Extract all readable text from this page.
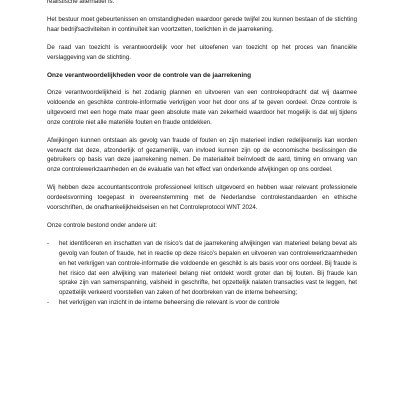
realistische alternatief is.

Het bestuur moet gebeurtenissen en omstandigheden waardoor gerede twijfel zou kunnen bestaan of de stichting haar bedrijfsactiviteiten in continuïteit kan voortzetten, toelichten in de jaarrekening.

De raad van toezicht is verantwoordelijk voor het uitoefenen van toezicht op het proces van financiële verslaggeving van de stichting.

Onze verantwoordelijkheden voor de controle van de jaarrekening

Onze verantwoordelijkheid is het zodanig plannen en uitvoeren van een controleopdracht dat wij daarmee voldoende en geschikte controle-informatie verkrijgen voor het door ons af te geven oordeel. Onze controle is uitgevoerd met een hoge mate maar geen absolute mate van zekerheid waardoor het mogelijk is dat wij tijdens onze controle niet alle materiële fouten en fraude ontdekken.

Afwijkingen kunnen ontstaan als gevolg van fraude of fouten en zijn materieel indien redelijkerwijs kan worden verwacht dat deze, afzonderlijk of gezamenlijk, van invloed kunnen zijn op de economische beslissingen die gebruikers op basis van deze jaarrekening nemen. De materialiteit beïnvloedt de aard, timing en omvang van onze controlewerkzaamheden en de evaluatie van het effect van onderkende afwijkingen op ons oordeel.

Wij hebben deze accountantscontrole professioneel kritisch uitgevoerd en hebben waar relevant professionele oordeelsvorming toegepast in overeenstemming met de Nederlandse controlestandaarden en ethische voorschriften, de onafhankelijkheidseisen en het Controleprotocol WNT 2024.

Onze controle bestond onder andere uit:

- het identificeren en inschatten van de risico's dat de jaarrekening afwijkingen van materieel belang bevat als gevolg van fouten of fraude, het in reactie op deze risico's bepalen en uitvoeren van controlewerkzaamheden en het verkrijgen van controle-informatie die voldoende en geschikt is als basis voor ons oordeel. Bij fraude is het risico dat een afwijking van materieel belang niet ontdekt wordt groter dan bij fouten. Bij fraude kan sprake zijn van samenspanning, valsheid in geschrifte, het opzettelijk nalaten transacties vast te leggen, het opzettelijk verkeerd voorstellen van zaken of het doorbreken van de interne beheersing;
- het verkrijgen van inzicht in de interne beheersing die relevant is voor de controle
